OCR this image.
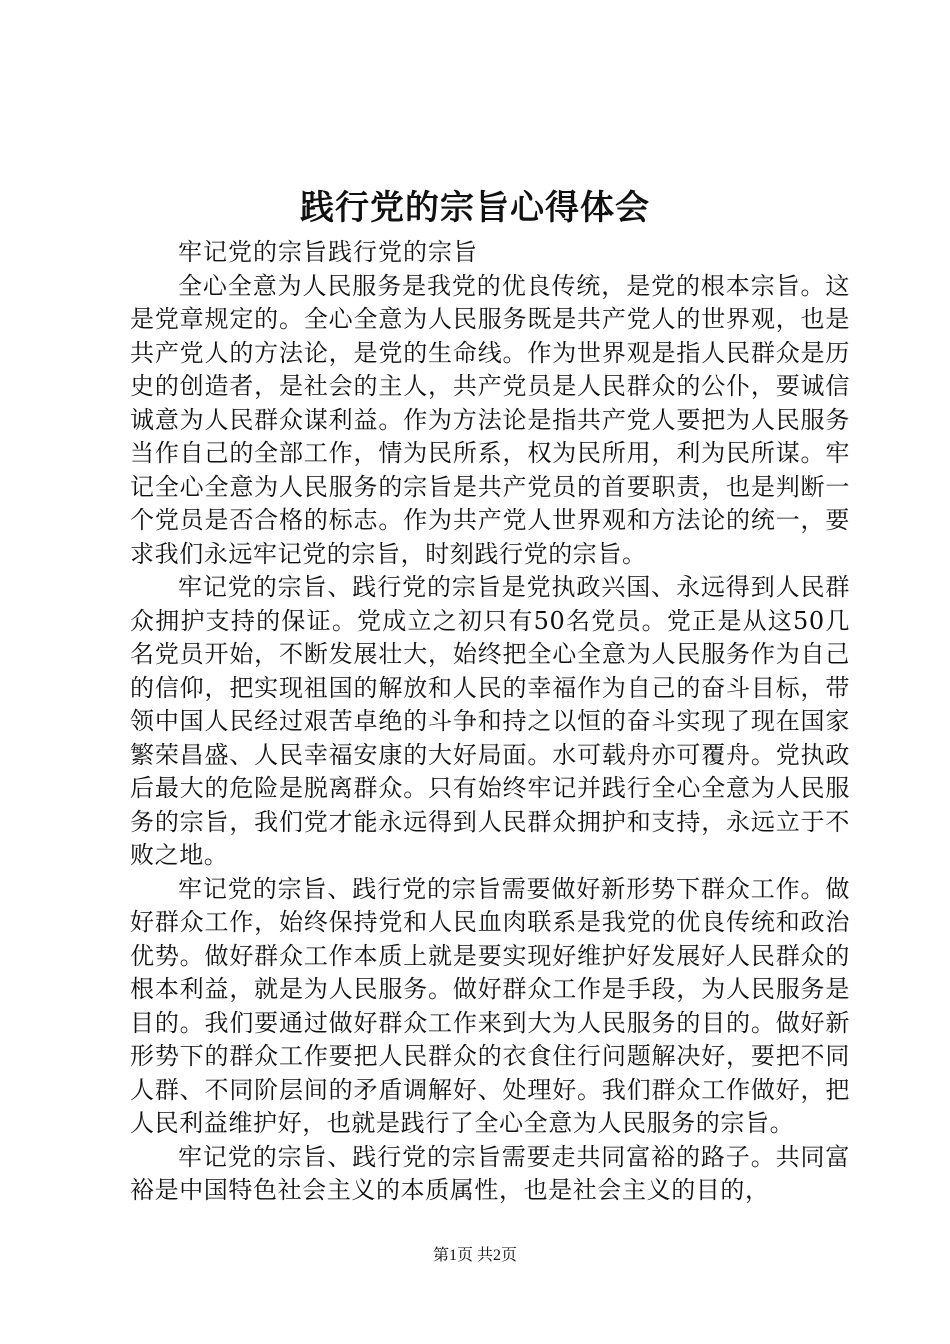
践行党的宗旨心得体会

牢记党的宗旨践行党的宗旨

全心全意为人民服务是我党的优良传统，是党的根本宗旨。这是党章规定的。全心全意为人民服务既是共产党人的世界观，也是共产党人的方法论，是党的生命线。作为世界观是指人民群众是历史的创造者，是社会的主人，共产党员是人民群众的公仆，要诚信诚意为人民群众谋利益。作为方法论是指共产党人要把为人民服务当作自己的全部工作，情为民所系，权为民所用，利为民所谋。牢记全心全意为人民服务的宗旨是共产党员的首要职责，也是判断一个党员是否合格的标志。作为共产党人世界观和方法论的统一，要求我们永远牢记党的宗旨，时刻践行党的宗旨。

牢记党的宗旨、践行党的宗旨是党执政兴国、永远得到人民群众拥护支持的保证。党成立之初只有50名党员。党正是从这50几名党员开始，不断发展壮大，始终把全心全意为人民服务作为自己的信仰，把实现祖国的解放和人民的幸福作为自己的奋斗目标，带领中国人民经过艰苦卓绝的斗争和持之以恒的奋斗实现了现在国家繁荣昌盛、人民幸福安康的大好局面。水可载舟亦可覆舟。党执政后最大的危险是脱离群众。只有始终牢记并践行全心全意为人民服务的宗旨，我们党才能永远得到人民群众拥护和支持，永远立于不败之地。

牢记党的宗旨、践行党的宗旨需要做好新形势下群众工作。做好群众工作，始终保持党和人民血肉联系是我党的优良传统和政治优势。做好群众工作本质上就是要实现好维护好发展好人民群众的根本利益，就是为人民服务。做好群众工作是手段，为人民服务是目的。我们要通过做好群众工作来到大为人民服务的目的。做好新形势下的群众工作要把人民群众的衣食住行问题解决好，要把不同人群、不同阶层间的矛盾调解好、处理好。我们群众工作做好，把人民利益维护好，也就是践行了全心全意为人民服务的宗旨。

牢记党的宗旨、践行党的宗旨需要走共同富裕的路子。共同富裕是中国特色社会主义的本质属性，也是社会主义的目的，

第1页 共2页
